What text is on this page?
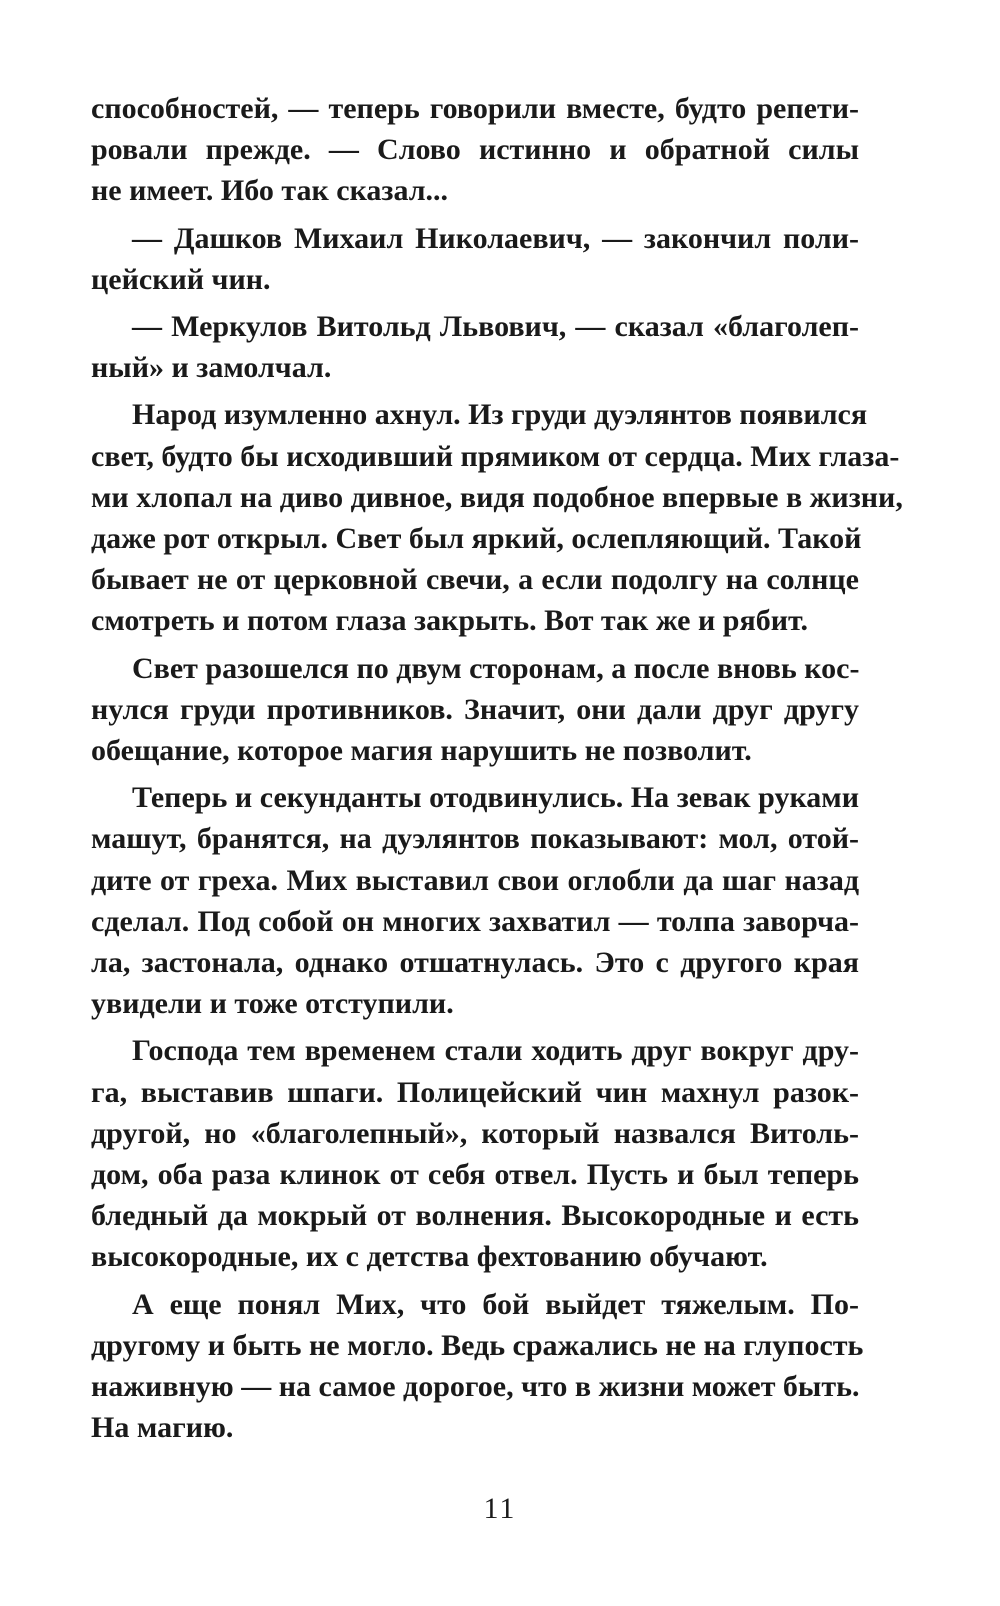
способностей, — теперь говорили вместе, будто репети-
ровали прежде. — Слово истинно и обратной силы
не имеет. Ибо так сказал...
— Дашков Михаил Николаевич, — закончил поли-
цейский чин.
— Меркулов Витольд Львович, — сказал «благолеп-
ный» и замолчал.
Народ изумленно ахнул. Из груди дуэлянтов появился
свет, будто бы исходивший прямиком от сердца. Мих глаза-
ми хлопал на диво дивное, видя подобное впервые в жизни,
даже рот открыл. Свет был яркий, ослепляющий. Такой
бывает не от церковной свечи, а если подолгу на солнце
смотреть и потом глаза закрыть. Вот так же и рябит.
Свет разошелся по двум сторонам, а после вновь кос-
нулся груди противников. Значит, они дали друг другу
обещание, которое магия нарушить не позволит.
Теперь и секунданты отодвинулись. На зевак руками
машут, бранятся, на дуэлянтов показывают: мол, отой-
дите от греха. Мих выставил свои оглобли да шаг назад
сделал. Под собой он многих захватил — толпа заворча-
ла, застонала, однако отшатнулась. Это с другого края
увидели и тоже отступили.
Господа тем временем стали ходить друг вокруг дру-
га, выставив шпаги. Полицейский чин махнул разок-
другой, но «благолепный», который назвался Витоль-
дом, оба раза клинок от себя отвел. Пусть и был теперь
бледный да мокрый от волнения. Высокородные и есть
высокородные, их с детства фехтованию обучают.
А еще понял Мих, что бой выйдет тяжелым. По-
другому и быть не могло. Ведь сражались не на глупость
наживную — на самое дорогое, что в жизни может быть.
На магию.
11
